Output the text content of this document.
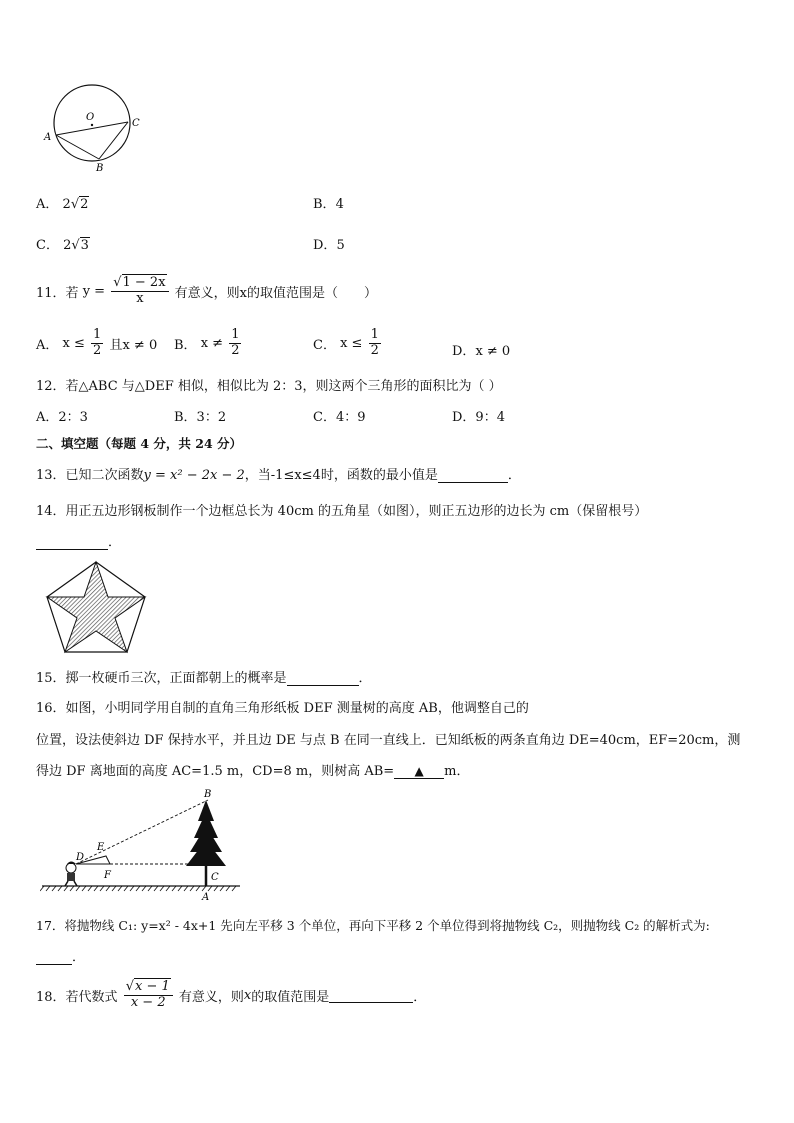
O
A
B
C
A． 2√2	B．4
C． 2√3	D．5
11．若 $y = \frac{√1 - 2x}{x}$ 有意义，则x的取值范围是（　　）
A． $x \le \frac{1}{2}$ 且x ≠ 0 B． $x \ne \frac{1}{2}$	C． $x \le \frac{1}{2}$	D．x ≠ 0
12．若△ABC 与△DEF 相似，相似比为 2：3，则这两个三角形的面积比为（ ）
A．2：3	B．3：2	C．4：9	D．9：4
二、填空题（每题 4 分，共 24 分）
13．已知二次函数y = x² − 2x − 2，当-1≤x≤4时，函数的最小值是	．
14．用正五边形钢板制作一个边框总长为 40cm 的五角星（如图），则正五边形的边长为 cm（保留根号）
．
15．掷一枚硬币三次，正面都朝上的概率是	．
16．如图，小明同学用自制的直角三角形纸板 DEF 测量树的高度 AB，他调整自己的
位置，设法使斜边 DF 保持水平，并且边 DE 与点 B 在同一直线上．已知纸板的两条直角边 DE=40cm，EF=20cm，测
得边 DF 离地面的高度 AC=1.5 m，CD=8 m，则树高 AB= ▲ m．
B
E
D
F	C
A
17．将抛物线 C₁: y=x² - 4x+1 先向左平移 3 个单位，再向下平移 2 个单位得到将抛物线 C₂，则抛物线 C₂ 的解析式为:
．
18．若代数式 $\frac{√x - 1}{x - 2}$ 有意义，则x的取值范围是	．
